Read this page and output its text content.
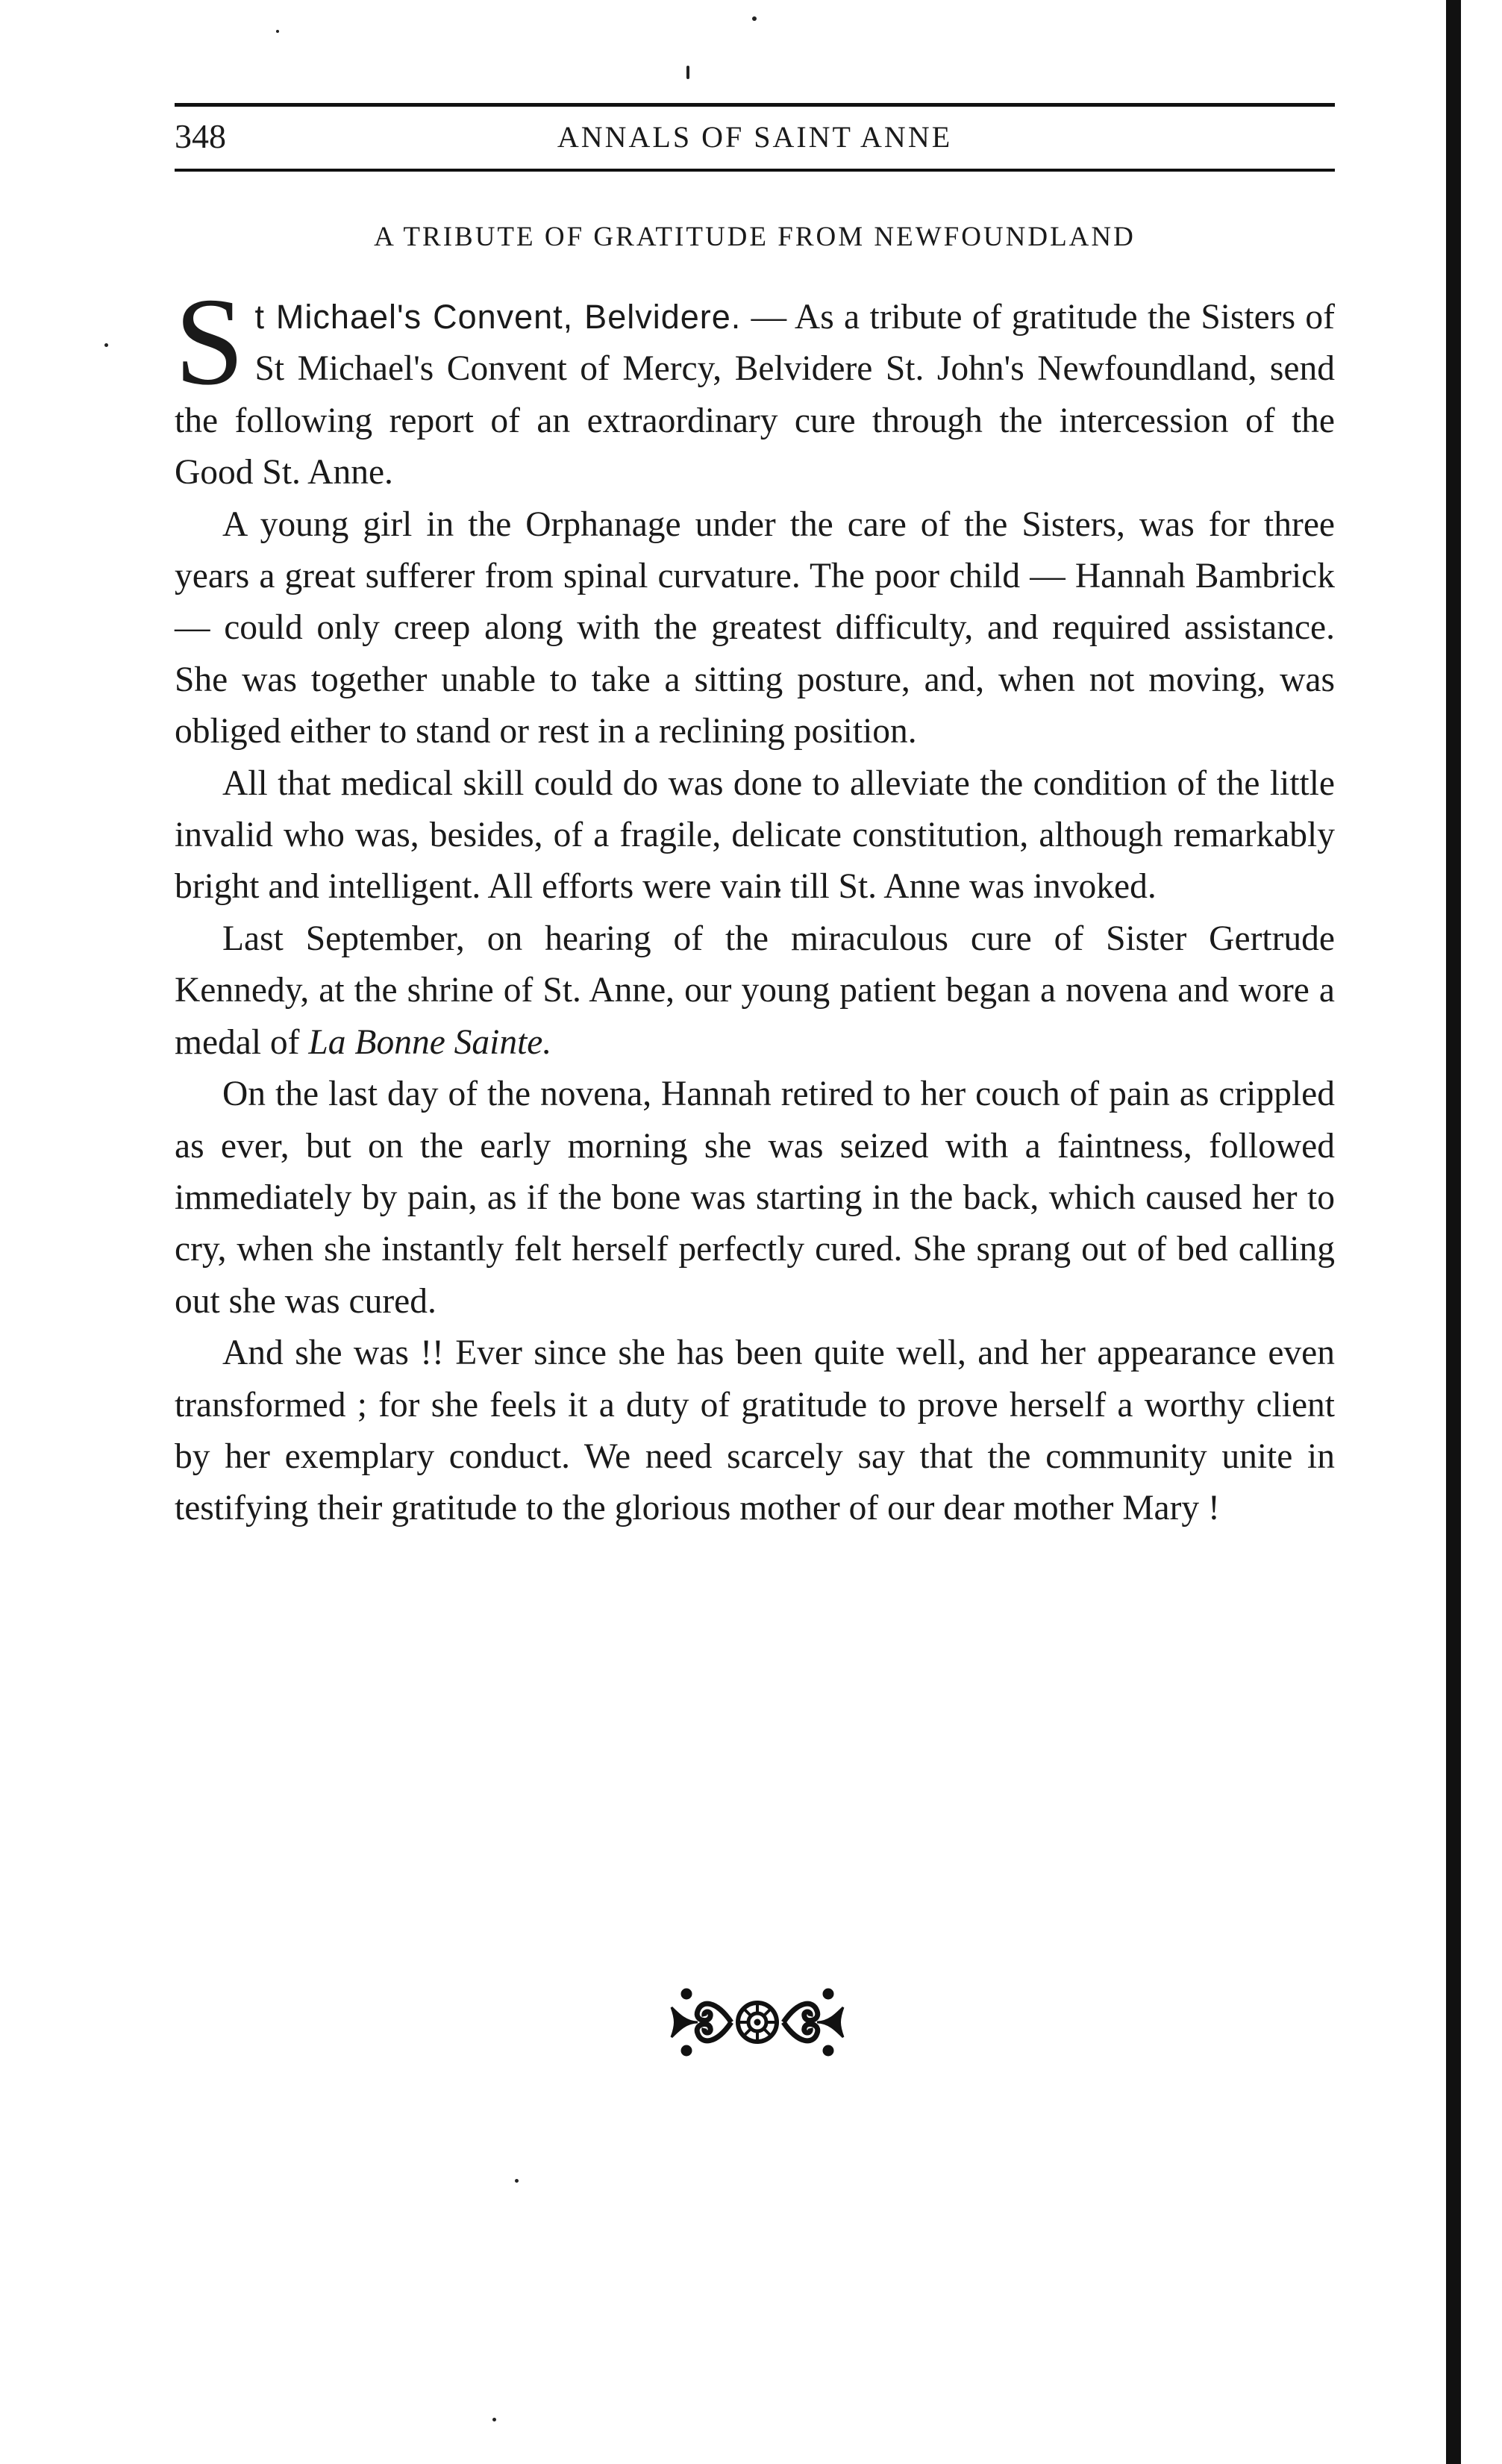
348	ANNALS OF SAINT ANNE
A TRIBUTE OF GRATITUDE FROM NEWFOUNDLAND

St Michael's Convent, Belvidere. — As a tribute of gratitude the Sisters of St Michael's Convent of Mercy, Belvidere St. John's Newfoundland, send the following report of an extraordinary cure through the intercession of the Good St. Anne.

A young girl in the Orphanage under the care of the Sisters, was for three years a great sufferer from spinal curvature. The poor child — Hannah Bambrick — could only creep along with the greatest difficulty, and required assistance. She was together unable to take a sitting posture, and, when not moving, was obliged either to stand or rest in a reclining position.

All that medical skill could do was done to alleviate the condition of the little invalid who was, besides, of a fragile, delicate constitution, although remarkably bright and intelligent. All efforts were vain till St. Anne was invoked.

Last September, on hearing of the miraculous cure of Sister Gertrude Kennedy, at the shrine of St. Anne, our young patient began a novena and wore a medal of La Bonne Sainte.

On the last day of the novena, Hannah retired to her couch of pain as crippled as ever, but on the early morning she was seized with a faintness, followed immediately by pain, as if the bone was starting in the back, which caused her to cry, when she instantly felt herself perfectly cured. She sprang out of bed calling out she was cured.

And she was !! Ever since she has been quite well, and her appearance even transformed ; for she feels it a duty of gratitude to prove herself a worthy client by her exemplary conduct. We need scarcely say that the community unite in testifying their gratitude to the glorious mother of our dear mother Mary !
